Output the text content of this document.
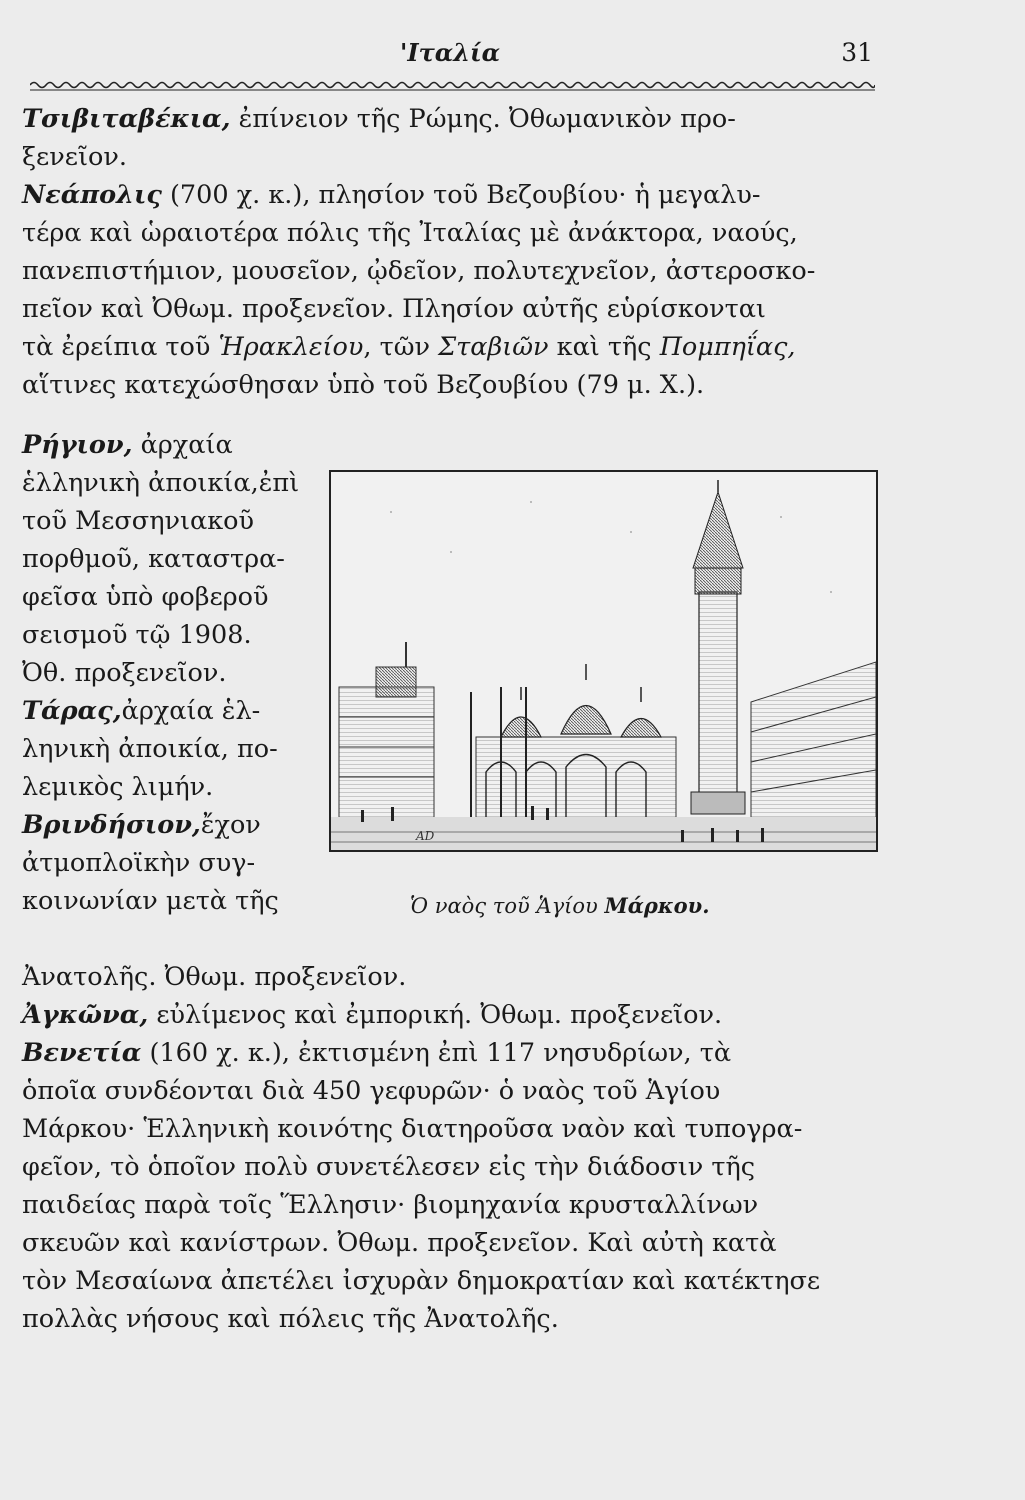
'Ιταλία	31
Τσιβιταβέκια, ἐπίνειον τῆς Ρώμης. Ὀθωμανικὸν προ-
ξενεῖον.
Νεάπολις (700 χ. κ.), πλησίον τοῦ Βεζουβίου· ἡ μεγαλυ-
τέρα καὶ ὡραιοτέρα πόλις τῆς Ἰταλίας μὲ ἀνάκτορα, ναούς,
πανεπιστήμιον, μουσεῖον, ᾠδεῖον, πολυτεχνεῖον, ἀστεροσκο-
πεῖον καὶ Ὀθωμ. προξενεῖον. Πλησίον αὐτῆς εὑρίσκονται
τὰ ἐρείπια τοῦ Ἡρακλείου, τῶν Σταβιῶν καὶ τῆς Πομπηΐας,
αἵτινες κατεχώσθησαν ὑπὸ τοῦ Βεζουβίου (79 μ. Χ.).
Ρήγιον, ἀρχαία
ἑλληνικὴ ἀποικία,ἐπὶ
τοῦ Μεσσηνιακοῦ
πορθμοῦ, καταστρα-
φεῖσα ὑπὸ φοβεροῦ
σεισμοῦ τῷ 1908.
Ὀθ. προξενεῖον.
Τάρας,ἀρχαία ἑλ-
ληνικὴ ἀποικία, πο-
λεμικὸς λιμήν.
Βρινδήσιον,ἔχον
ἀτμοπλοϊκὴν συγ-
κοινωνίαν μετὰ τῆς
AD
Ὁ ναὸς τοῦ Ἁγίου Μάρκου.
Ἀνατολῆς. Ὀθωμ. προξενεῖον.
Ἀγκῶνα, εὐλίμενος καὶ ἐμπορική. Ὀθωμ. προξενεῖον.
Βενετία (160 χ. κ.), ἐκτισμένη ἐπὶ 117 νησυδρίων, τὰ
ὁποῖα συνδέονται διὰ 450 γεφυρῶν· ὁ ναὸς τοῦ Ἁγίου
Μάρκου· Ἑλληνικὴ κοινότης διατηροῦσα ναὸν καὶ τυπογρα-
φεῖον, τὸ ὁποῖον πολὺ συνετέλεσεν εἰς τὴν διάδοσιν τῆς
παιδείας παρὰ τοῖς Ἕλλησιν· βιομηχανία κρυσταλλίνων
σκευῶν καὶ κανίστρων. Ὀθωμ. προξενεῖον. Καὶ αὐτὴ κατὰ
τὸν Μεσαίωνα ἀπετέλει ἰσχυρὰν δημοκρατίαν καὶ κατέκτησε
πολλὰς νήσους καὶ πόλεις τῆς Ἀνατολῆς.
